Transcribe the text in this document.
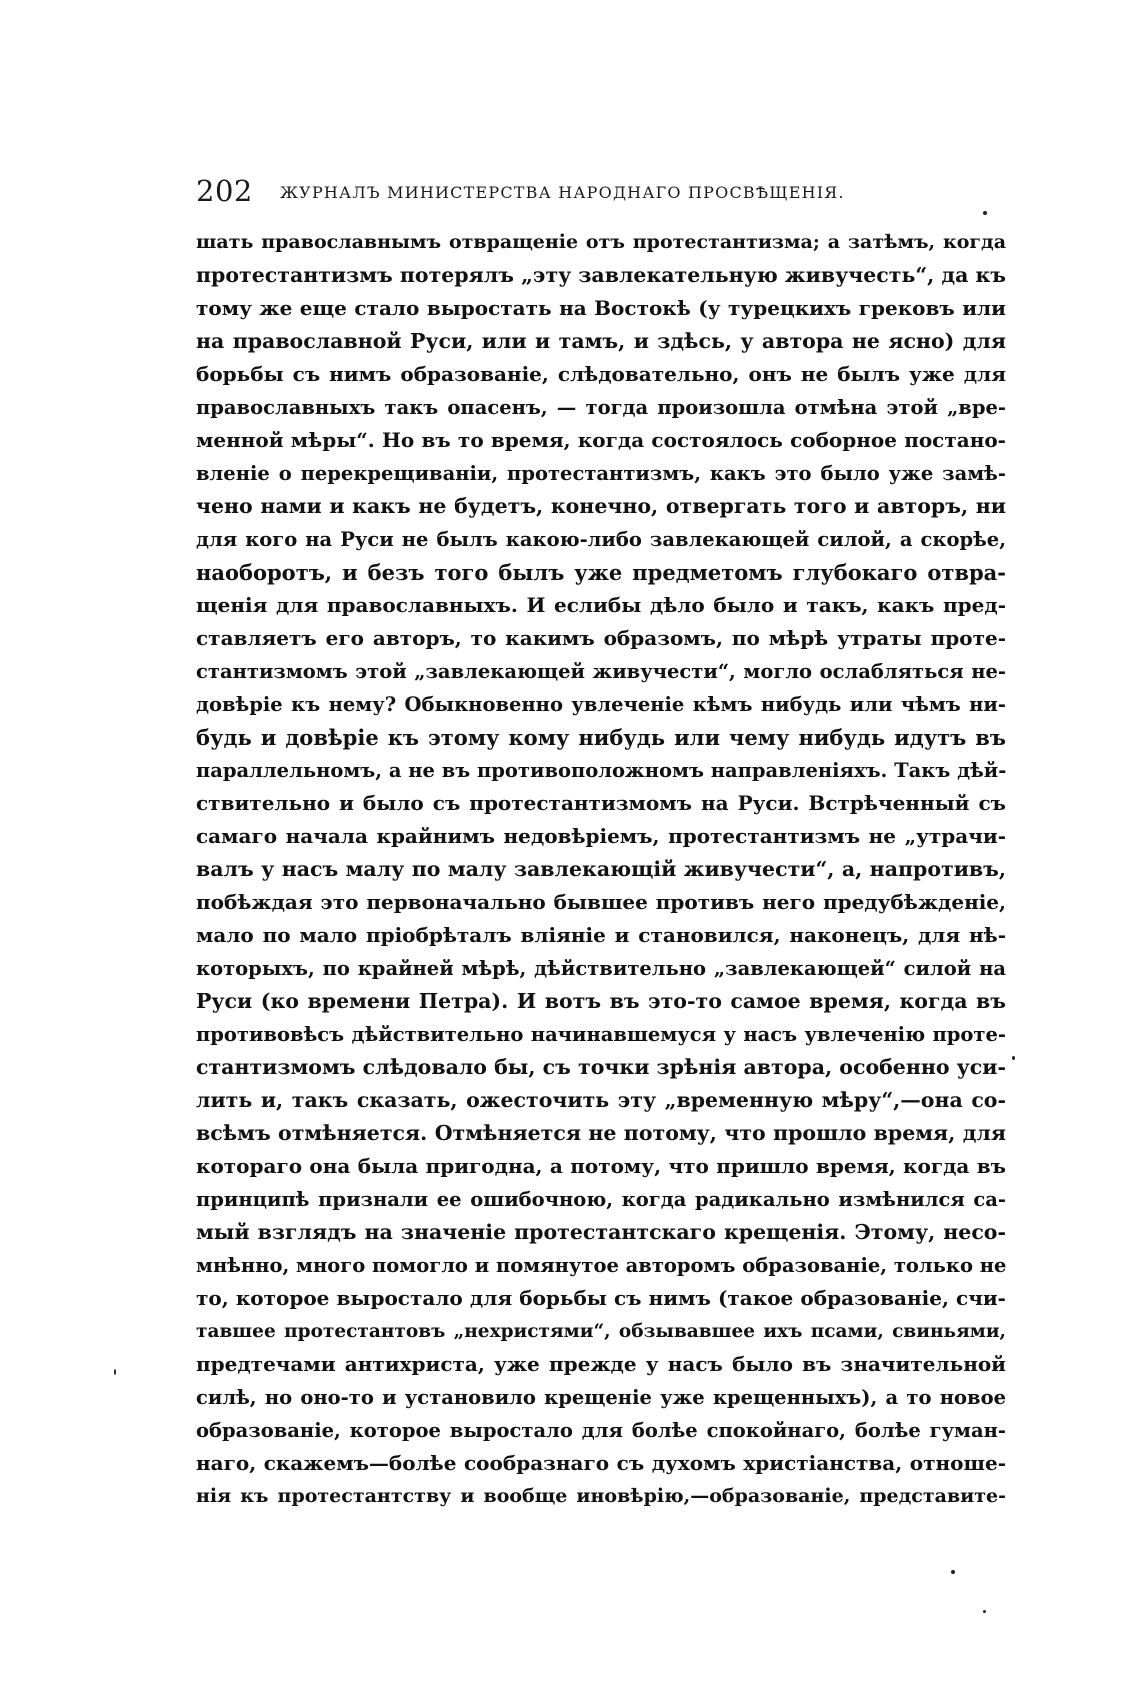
202 ЖУРНАЛЪ МИНИСТЕРСТВА НАРОДНАГО ПРОСВѢЩЕНІЯ.
шать православнымъ отвращеніе отъ протестантизма; а затѣмъ, когда
протестантизмъ потерялъ „эту завлекательную живучесть“, да къ
тому же еще стало выростать на Востокѣ (у турецкихъ грековъ или
на православной Руси, или и тамъ, и здѣсь, у автора не ясно) для
борьбы съ нимъ образованіе, слѣдовательно, онъ не былъ уже для
православныхъ такъ опасенъ, — тогда произошла отмѣна этой „вре-
менной мѣры“. Но въ то время, когда состоялось соборное постано-
вленіе о перекрещиваніи, протестантизмъ, какъ это было уже замѣ-
чено нами и какъ не будетъ, конечно, отвергать того и авторъ, ни
для кого на Руси не былъ какою-либо завлекающей силой, а скорѣе,
наоборотъ, и безъ того былъ уже предметомъ глубокаго отвра-
щенія для православныхъ. И еслибы дѣло было и такъ, какъ пред-
ставляетъ его авторъ, то какимъ образомъ, по мѣрѣ утраты проте-
стантизмомъ этой „завлекающей живучести“, могло ослабляться не-
довѣріе къ нему? Обыкновенно увлеченіе кѣмъ нибудь или чѣмъ ни-
будь и довѣріе къ этому кому нибудь или чему нибудь идутъ въ
параллельномъ, а не въ противоположномъ направленіяхъ. Такъ дѣй-
ствительно и было съ протестантизмомъ на Руси. Встрѣченный съ
самаго начала крайнимъ недовѣріемъ, протестантизмъ не „утрачи-
валъ у насъ малу по малу завлекающій живучести“, а, напротивъ,
побѣждая это первоначально бывшее противъ него предубѣжденіе,
мало по мало пріобрѣталъ вліяніе и становился, наконецъ, для нѣ-
которыхъ, по крайней мѣрѣ, дѣйствительно „завлекающей“ силой на
Руси (ко времени Петра). И вотъ въ это-то самое время, когда въ
противовѣсъ дѣйствительно начинавшемуся у насъ увлеченію проте-
стантизмомъ слѣдовало бы, съ точки зрѣнія автора, особенно уси-
лить и, такъ сказать, ожесточить эту „временную мѣру“,—она со-
всѣмъ отмѣняется. Отмѣняется не потому, что прошло время, для
котораго она была пригодна, а потому, что пришло время, когда въ
принципѣ признали ее ошибочною, когда радикально измѣнился са-
мый взглядъ на значеніе протестантскаго крещенія. Этому, несо-
мнѣнно, много помогло и помянутое авторомъ образованіе, только не
то, которое выростало для борьбы съ нимъ (такое образованіе, счи-
тавшее протестантовъ „нехристями“, обзывавшее ихъ псами, свиньями,
предтечами антихриста, уже прежде у насъ было въ значительной
силѣ, но оно-то и установило крещеніе уже крещенныхъ), а то новое
образованіе, которое выростало для болѣе спокойнаго, болѣе гуман-
наго, скажемъ—болѣе сообразнаго съ духомъ христіанства, отноше-
нія къ протестантству и вообще иновѣрію,—образованіе, представите-
